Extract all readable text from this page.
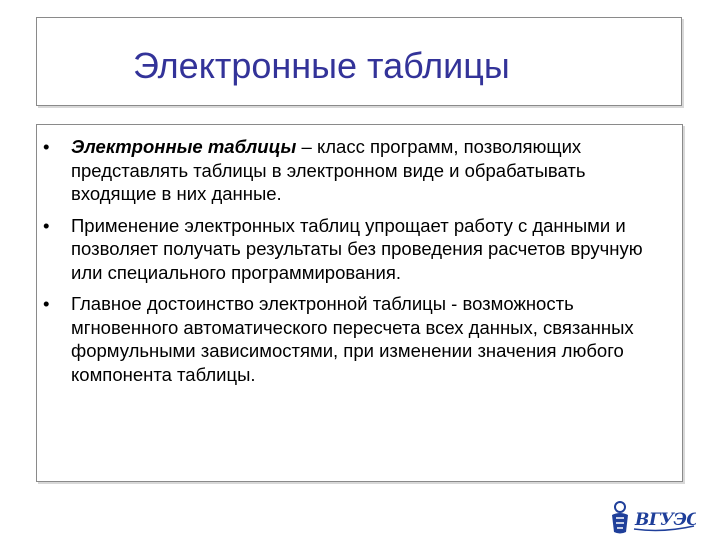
Электронные таблицы
• Электронные таблицы – класс программ, позволяющих представлять таблицы в электронном виде и обрабатывать входящие в них данные.
• Применение электронных таблиц упрощает работу с данными и позволяет получать результаты без проведения расчетов вручную или специального программирования.
• Главное достоинство электронной таблицы - возможность мгновенного автоматического пересчета всех данных, связанных формульными зависимостями, при изменении значения любого компонента таблицы.
ВГУЭС
